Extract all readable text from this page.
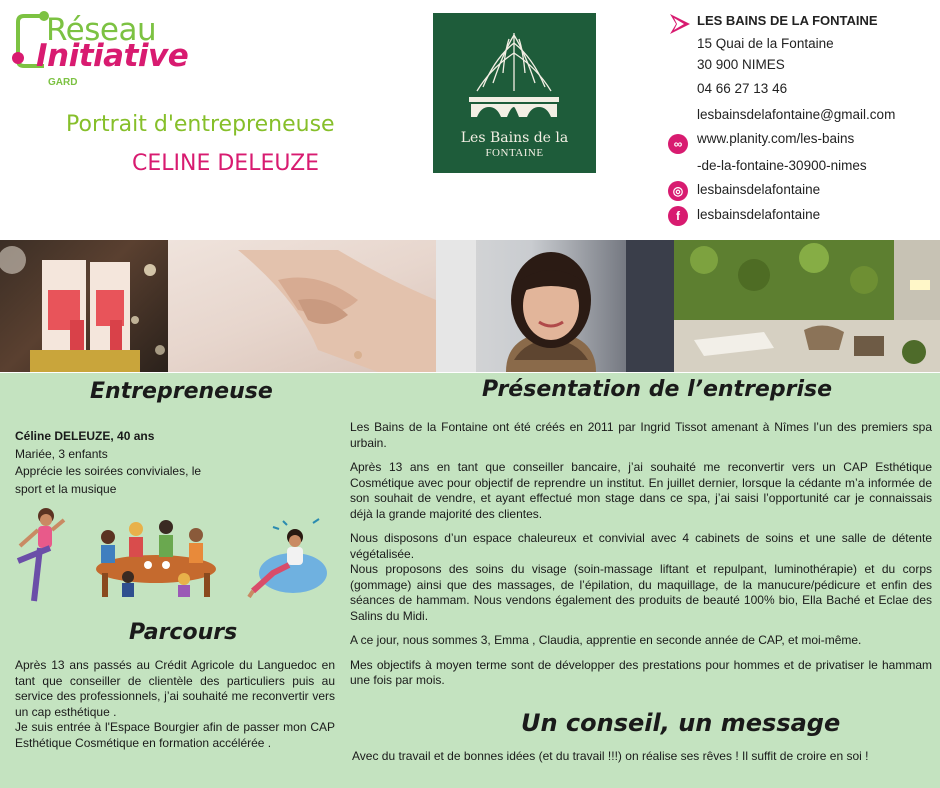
Réseau
Initiative
GARD
Portrait d'entrepreneuse
CELINE DELEUZE
Les Bains de la
FONTAINE
LES BAINS DE LA FONTAINE
15 Quai de la Fontaine
30 900 NIMES
04 66 27 13 46
lesbainsdelafontaine@gmail.com
∞	www.planity.com/les-bains
-de-la-fontaine-30900-nimes
◎	lesbainsdelafontaine
f	lesbainsdelafontaine
Entrepreneuse
Céline DELEUZE, 40 ans
Mariée, 3 enfants
Apprécie les soirées conviviales, le
sport et la musique
Parcours
Après 13 ans passés au Crédit Agricole du Languedoc en tant que conseiller de clientèle des particuliers puis au service des professionnels, j’ai souhaité me reconvertir vers un cap esthétique .
Je suis entrée à l'Espace Bourgier afin de passer mon CAP Esthétique Cosmétique en formation accélérée .
Présentation de l’entreprise
Les Bains de la Fontaine ont été créés en 2011 par Ingrid Tissot amenant à Nîmes l’un des premiers spa urbain.
Après 13 ans en tant que conseiller bancaire, j’ai souhaité me reconvertir vers un CAP Esthétique Cosmétique avec pour objectif de reprendre un institut. En juillet dernier, lorsque la cédante m’a informée de son souhait de vendre, et ayant effectué mon stage dans ce spa, j’ai saisi l’opportunité car je connaissais déjà la grande majorité des clientes.
Nous disposons d’un espace chaleureux et convivial avec 4 cabinets de soins et une salle de détente végétalisée.
Nous proposons des soins du visage (soin-massage liftant et repulpant, luminothérapie) et du corps (gommage) ainsi que des massages, de l’épilation, du maquillage, de la manucure/pédicure et enfin des séances de hammam. Nous vendons également des produits de beauté 100% bio, Ella Baché et Eclae des Salins du Midi.
A ce jour, nous sommes 3, Emma , Claudia, apprentie en seconde année de CAP, et moi-même.
Mes objectifs à moyen terme sont de développer des prestations pour hommes et de privatiser le hammam une fois par mois.
Un conseil, un message
Avec du travail et de bonnes idées (et du travail !!!) on réalise ses rêves ! Il suffit de croire en soi !
